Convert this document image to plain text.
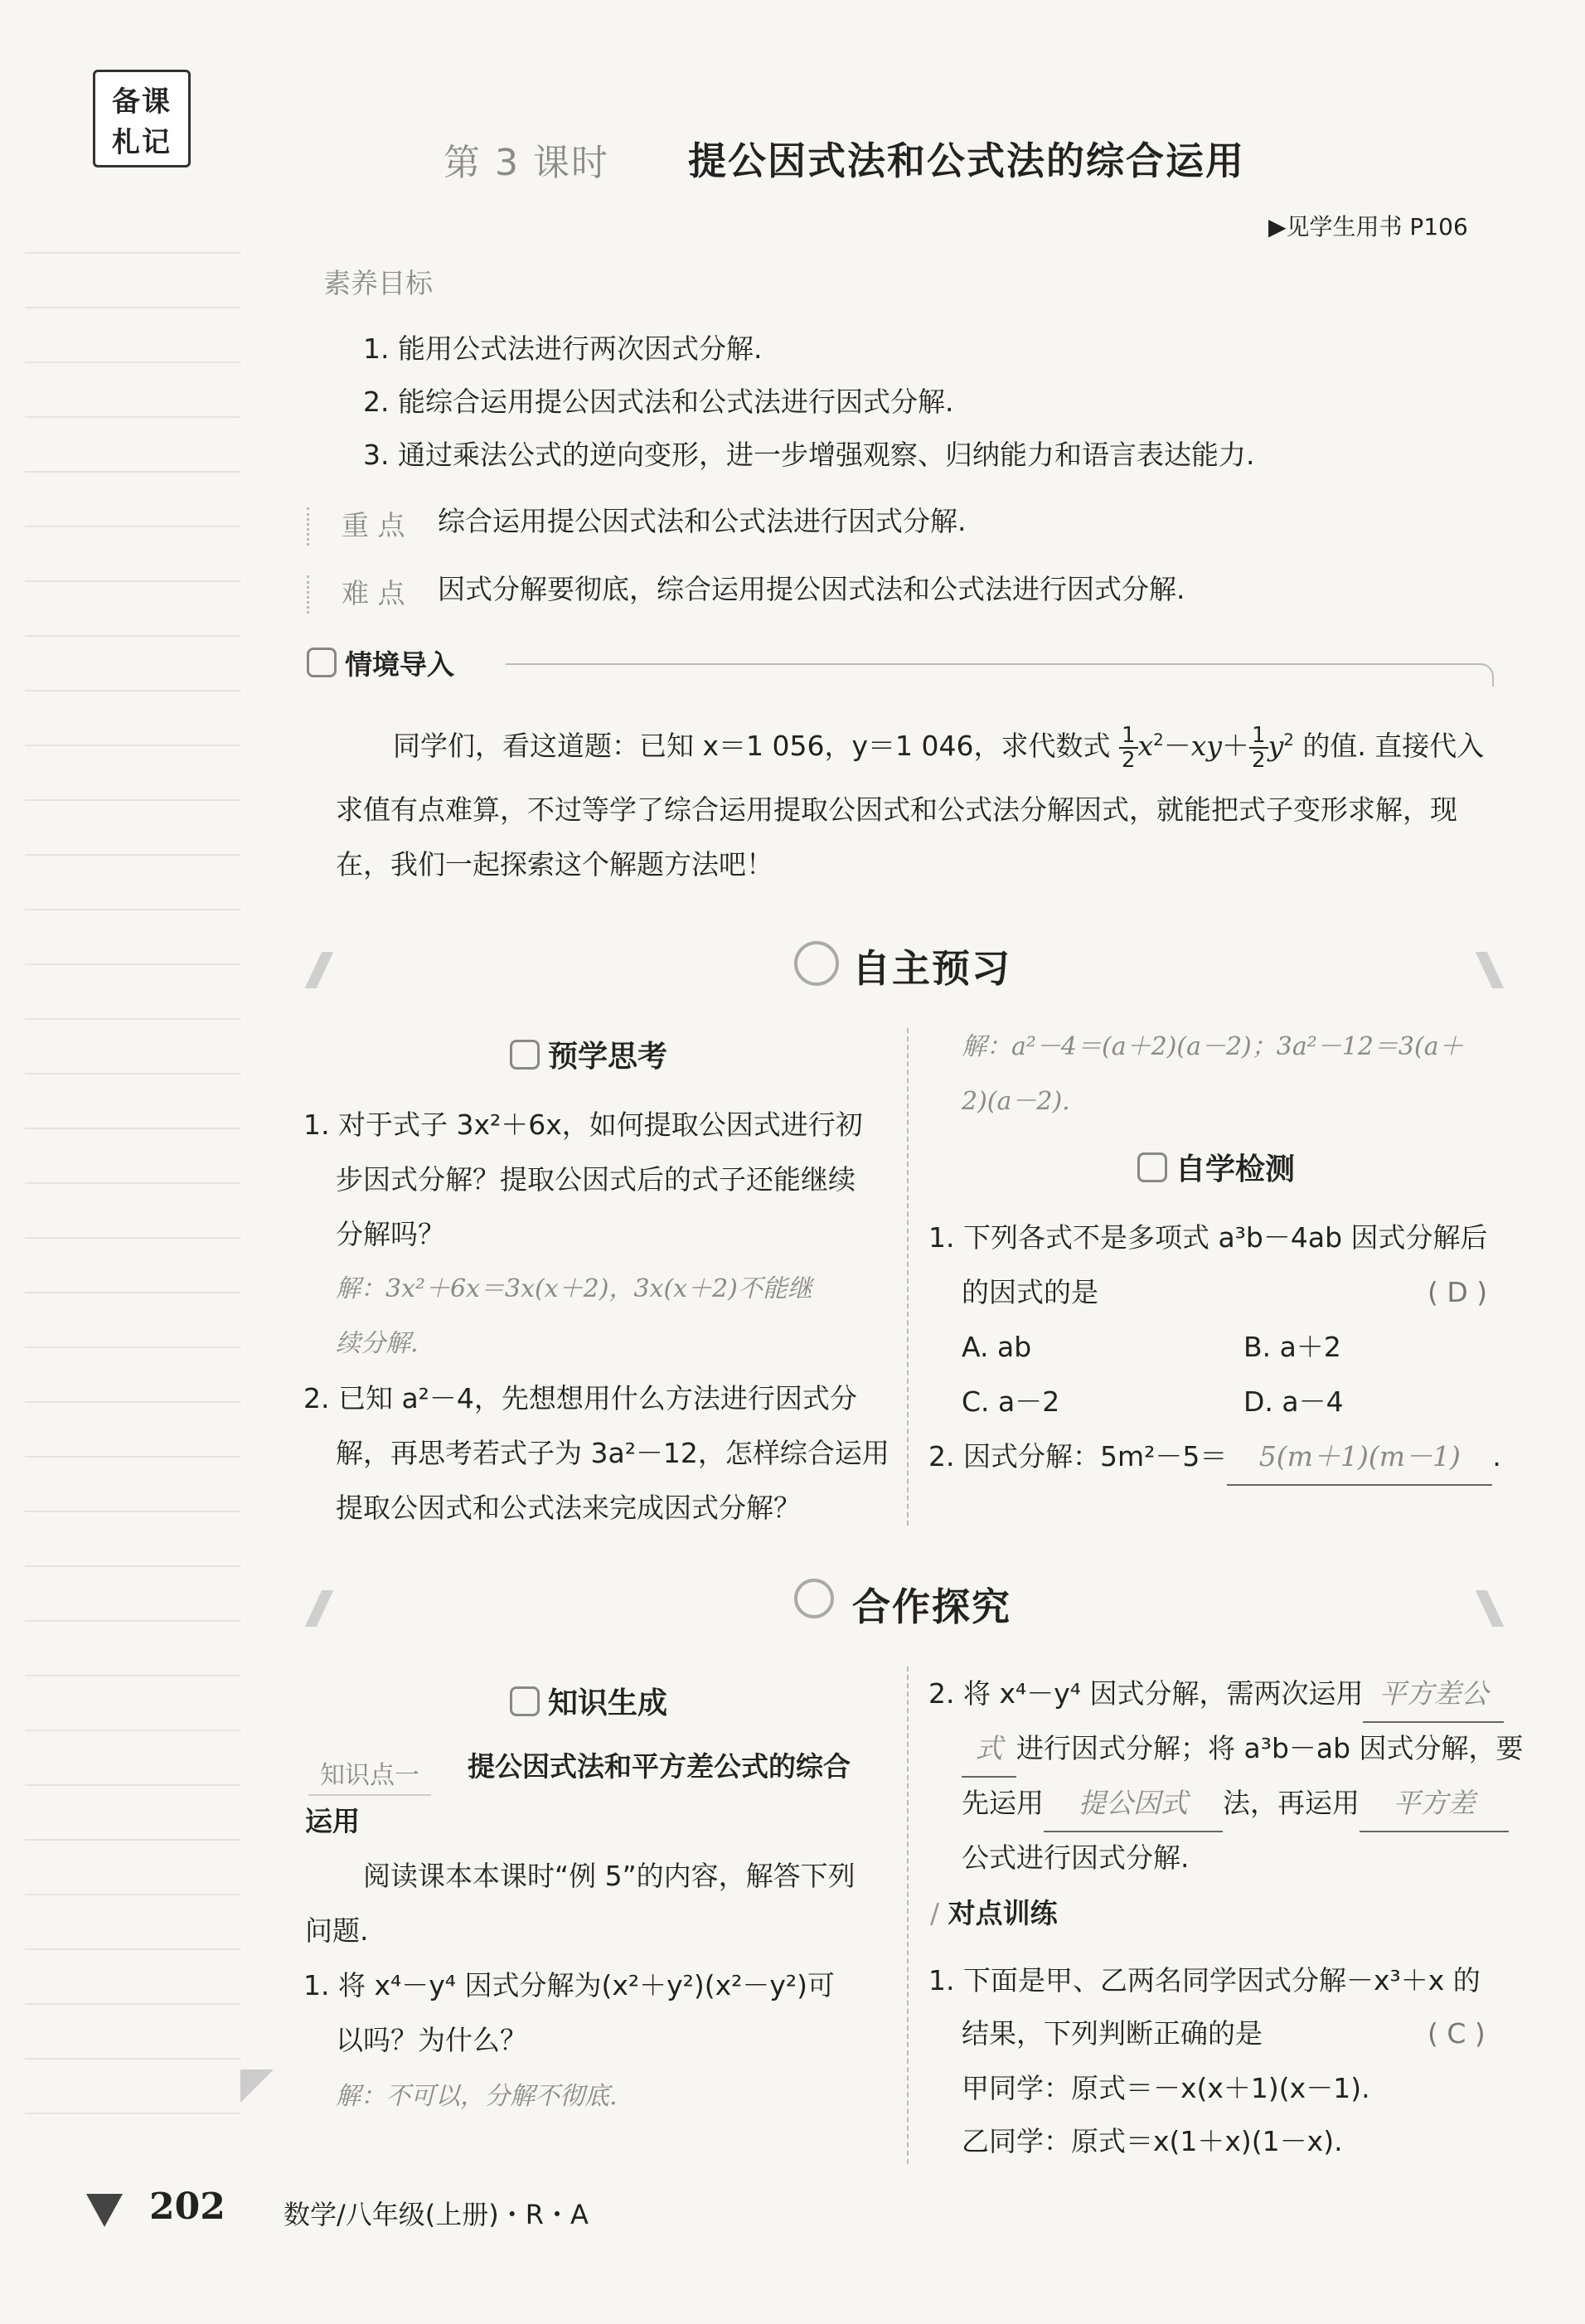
备课
札记	第 3 课时 提公因式法和公式法的综合运用
▶见学生用书 P106
素养目标
1. 能用公式法进行两次因式分解.
2. 能综合运用提公因式法和公式法进行因式分解.
3. 通过乘法公式的逆向变形，进一步增强观察、归纳能力和语言表达能力.
重 点 综合运用提公因式法和公式法进行因式分解.
难 点 因式分解要彻底，综合运用提公因式法和公式法进行因式分解.
情境导入
同学们，看这道题：已知 x＝1 056，y＝1 046，求代数式 $\frac{1}{2} x^2-xy+ \frac{1}{2} y^2$ 的值. 直接代入
求值有点难算，不过等学了综合运用提取公因式和公式法分解因式，就能把式子变形求解，现
在，我们一起探索这个解题方法吧！
自主预习
预学思考
1. 对于式子 3x²＋6x，如何提取公因式进行初
步因式分解？提取公因式后的式子还能继续
分解吗？
解：3x²＋6x＝3x(x＋2)，3x(x＋2)不能继
续分解.
2. 已知 a²－4，先想想用什么方法进行因式分
解，再思考若式子为 3a²－12，怎样综合运用
提取公因式和公式法来完成因式分解？
解：a²－4＝(a＋2)(a－2)；3a²－12＝3(a＋
2)(a－2).
自学检测
1. 下列各式不是多项式 a³b－4ab 因式分解后
的因式的是	( D )
A. ab	B. a＋2
C. a－2	D. a－4
2. 因式分解：5m²－5＝ 5(m＋1)(m－1) .
合作探究
知识生成
知识点一	提公因式法和平方差公式的综合
运用
阅读课本本课时“例 5”的内容，解答下列
问题.
1. 将 x⁴－y⁴ 因式分解为(x²＋y²)(x²－y²)可
以吗？为什么？
解：不可以，分解不彻底.
2. 将 x⁴－y⁴ 因式分解，需两次运用 平方差公
式 进行因式分解；将 a³b－ab 因式分解，要
先运用 提公因式 法，再运用 平方差
公式进行因式分解.
∕ 对点训练
1. 下面是甲、乙两名同学因式分解－x³＋x 的
结果，下列判断正确的是	( C )
甲同学：原式＝－x(x＋1)(x－1).
乙同学：原式＝x(1＋x)(1－x).
202 数学/八年级(上册)・R・A
